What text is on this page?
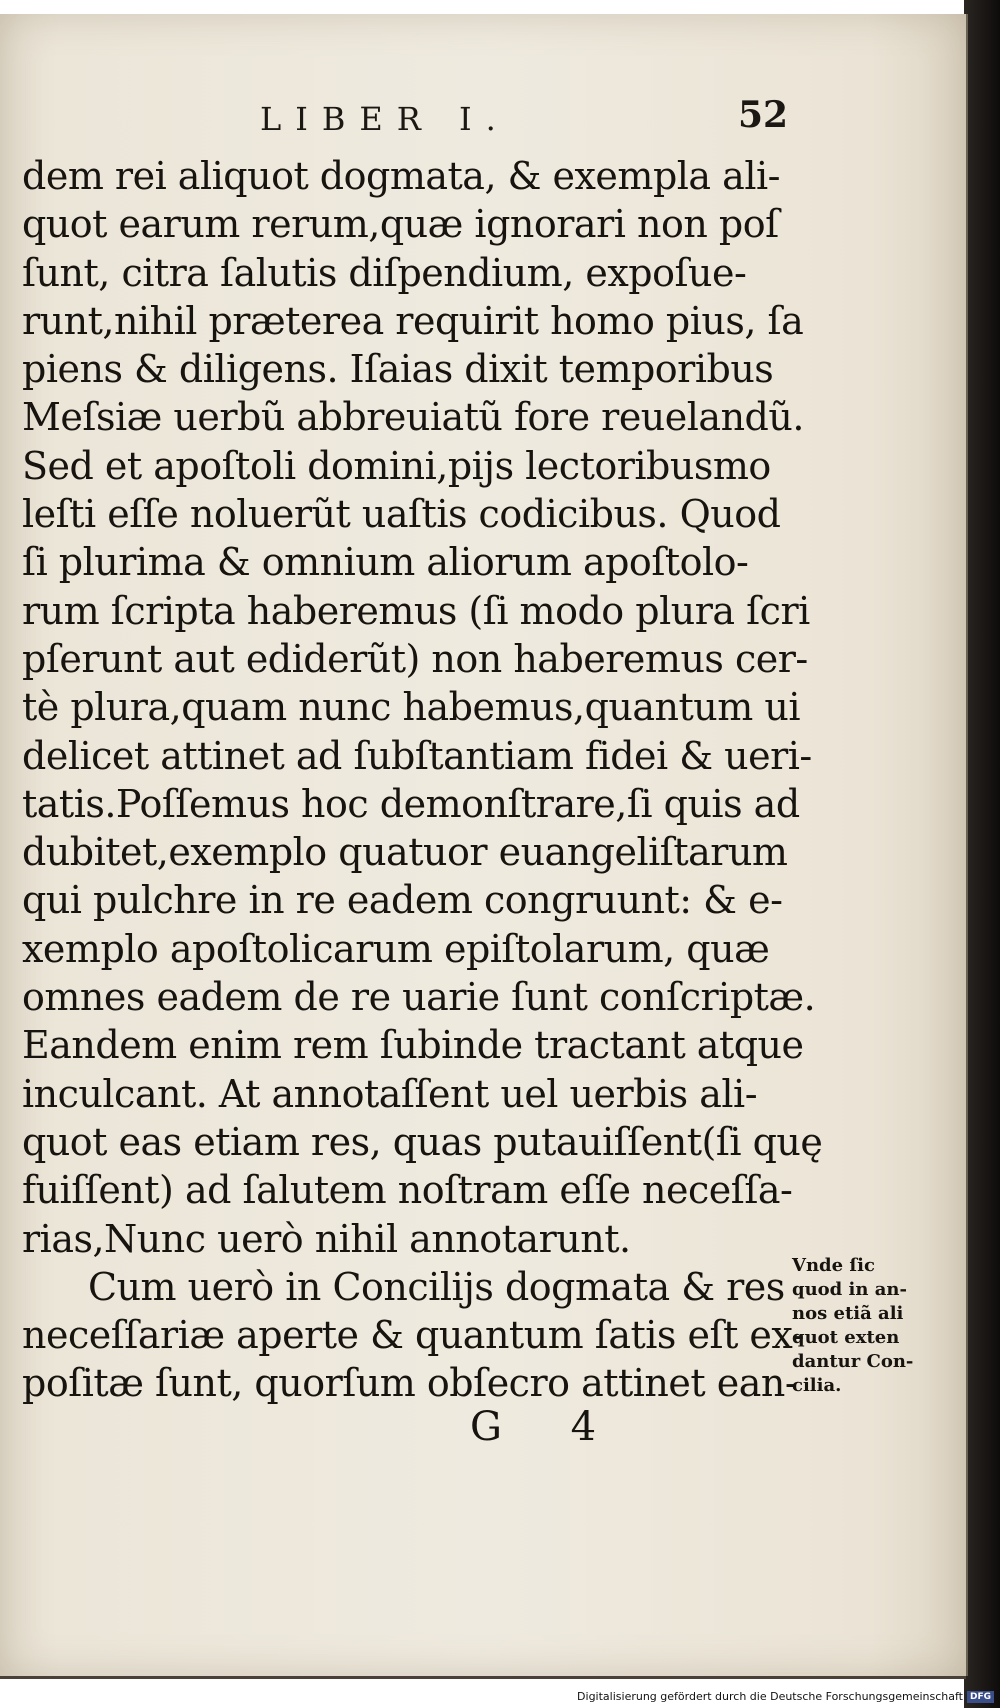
LIBER I.	52
dem rei aliquot dogmata, & exempla ali-
quot earum rerum,quæ ignorari non poſ
ſunt, citra ſalutis diſpendium, expoſue-
runt,nihil præterea requirit homo pius, ſa
piens & diligens. Iſaias dixit temporibus
Meſsiæ uerbũ abbreuiatũ fore reuelandũ.
Sed et apoſtoli domini,pijs lectoribusmo
leſti eſſe noluerũt uaſtis codicibus. Quod
ſi plurima & omnium aliorum apoſtolo-
rum ſcripta haberemus (ſi modo plura ſcri
pſerunt aut ediderũt) non haberemus cer-
tè plura,quam nunc habemus,quantum ui
delicet attinet ad ſubſtantiam fidei & ueri-
tatis.Poſſemus hoc demonſtrare,ſi quis ad
dubitet,exemplo quatuor euangeliſtarum
qui pulchre in re eadem congruunt: & e-
xemplo apoſtolicarum epiſtolarum, quæ
omnes eadem de re uarie ſunt conſcriptæ.
Eandem enim rem ſubinde tractant atque
inculcant. At annotaſſent uel uerbis ali-
quot eas etiam res, quas putauiſſent(ſi quę
fuiſſent) ad ſalutem noſtram eſſe neceſſa-
rias,Nunc uerò nihil annotarunt.
Cum uerò in Concilijs dogmata & res
neceſſariæ aperte & quantum ſatis eſt ex-
poſitæ ſunt, quorſum obſecro attinet ean-
Vnde ſic
quod in an-
nos etiã ali
quot exten
dantur Con-
cilia.
G 4
Digitalisierung gefördert durch die Deutsche Forschungsgemeinschaft DFG
